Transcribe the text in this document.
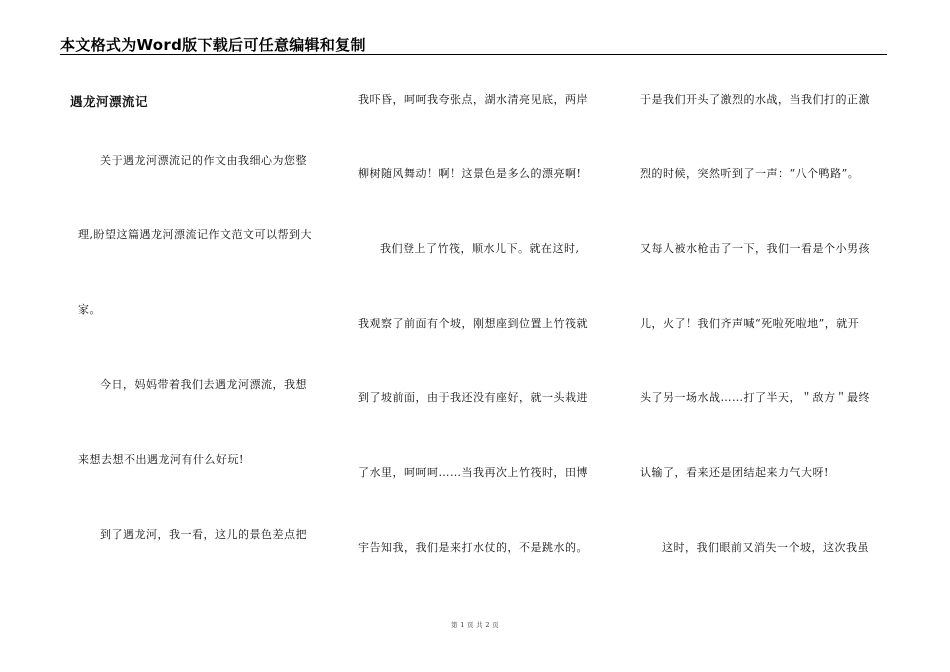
本文格式为Word版下载后可任意编辑和复制
遇龙河漂流记
关于遇龙河漂流记的作文由我细心为您整
理,盼望这篇遇龙河漂流记作文范文可以帮到大
家。
今日，妈妈带着我们去遇龙河漂流，我想
来想去想不出遇龙河有什么好玩!
到了遇龙河，我一看，这儿的景色差点把
我吓昏，呵呵我夸张点，湖水清亮见底，两岸
柳树随风舞动！啊！这景色是多么的漂亮啊!
我们登上了竹筏，顺水儿下。就在这时,
我观察了前面有个坡，刚想座到位置上竹筏就
到了坡前面，由于我还没有座好，就一头栽进
了水里，呵呵呵……当我再次上竹筏时，田博
宇告知我，我们是来打水仗的，不是跳水的。
于是我们开头了激烈的水战，当我们打的正激
烈的时候，突然听到了一声：“八个鸭路”。
又每人被水枪击了一下，我们一看是个小男孩
儿，火了！我们齐声喊“死啦死啦地”，就开
头了另一场水战……打了半天，＂敌方＂最终
认输了，看来还是团结起来力气大呀!
这时，我们眼前又消失一个坡，这次我虽
第 1 页 共 2 页
